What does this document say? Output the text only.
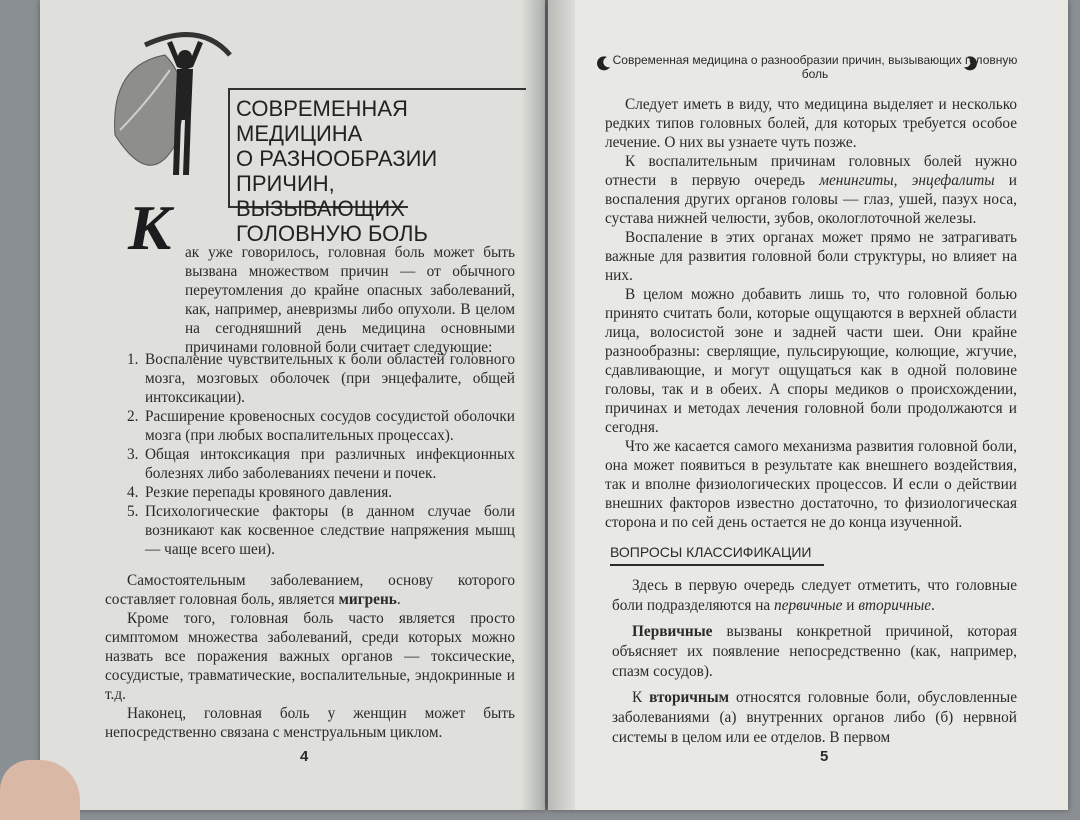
СОВРЕМЕННАЯ МЕДИЦИНА
О РАЗНООБРАЗИИ ПРИЧИН,
ВЫЗЫВАЮЩИХ
ГОЛОВНУЮ БОЛЬ
К ак уже говорилось, головная боль может быть вызвана множеством причин — от обычного переутомления до крайне опасных заболеваний, как, например, аневризмы либо опухоли. В целом на сегодняшний день медицина основными причинами головной боли считает следующие:

1. Воспаление чувствительных к боли областей головного мозга, мозговых оболочек (при энцефалите, общей интоксикации).
2. Расширение кровеносных сосудов сосудистой оболочки мозга (при любых воспалительных процессах).
3. Общая интоксикация при различных инфекционных болезнях либо заболеваниях печени и почек.
4. Резкие перепады кровяного давления.
5. Психологические факторы (в данном случае боли возникают как косвенное следствие напряжения мышц — чаще всего шеи).

Самостоятельным заболеванием, основу которого составляет головная боль, является мигрень.

Кроме того, головная боль часто является просто симптомом множества заболеваний, среди которых можно назвать все поражения важных органов — токсические, сосудистые, травматические, воспалительные, эндокринные и т.д.

Наконец, головная боль у женщин может быть непосредственно связана с менструальным циклом.

4
Современная медицина о разнообразии причин, вызывающих головную боль

Следует иметь в виду, что медицина выделяет и несколько редких типов головных болей, для которых требуется особое лечение. О них вы узнаете чуть позже.

К воспалительным причинам головных болей нужно отнести в первую очередь менингиты, энцефалиты и воспаления других органов головы — глаз, ушей, пазух носа, сустава нижней челюсти, зубов, окологлоточной железы.

Воспаление в этих органах может прямо не затрагивать важные для развития головной боли структуры, но влияет на них.

В целом можно добавить лишь то, что головной болью принято считать боли, которые ощущаются в верхней области лица, волосистой зоне и задней части шеи. Они крайне разнообразны: сверлящие, пульсирующие, колющие, жгучие, сдавливающие, и могут ощущаться как в одной половине головы, так и в обеих. А споры медиков о происхождении, причинах и методах лечения головной боли продолжаются и сегодня.

Что же касается самого механизма развития головной боли, она может появиться в результате как внешнего воздействия, так и вполне физиологических процессов. И если о действии внешних факторов известно достаточно, то физиологическая сторона и по сей день остается не до конца изученной.

ВОПРОСЫ КЛАССИФИКАЦИИ

Здесь в первую очередь следует отметить, что головные боли подразделяются на первичные и вторичные.

Первичные вызваны конкретной причиной, которая объясняет их появление непосредственно (как, например, спазм сосудов).

К вторичным относятся головные боли, обусловленные заболеваниями (а) внутренних органов либо (б) нервной системы в целом или ее отделов. В первом

5
